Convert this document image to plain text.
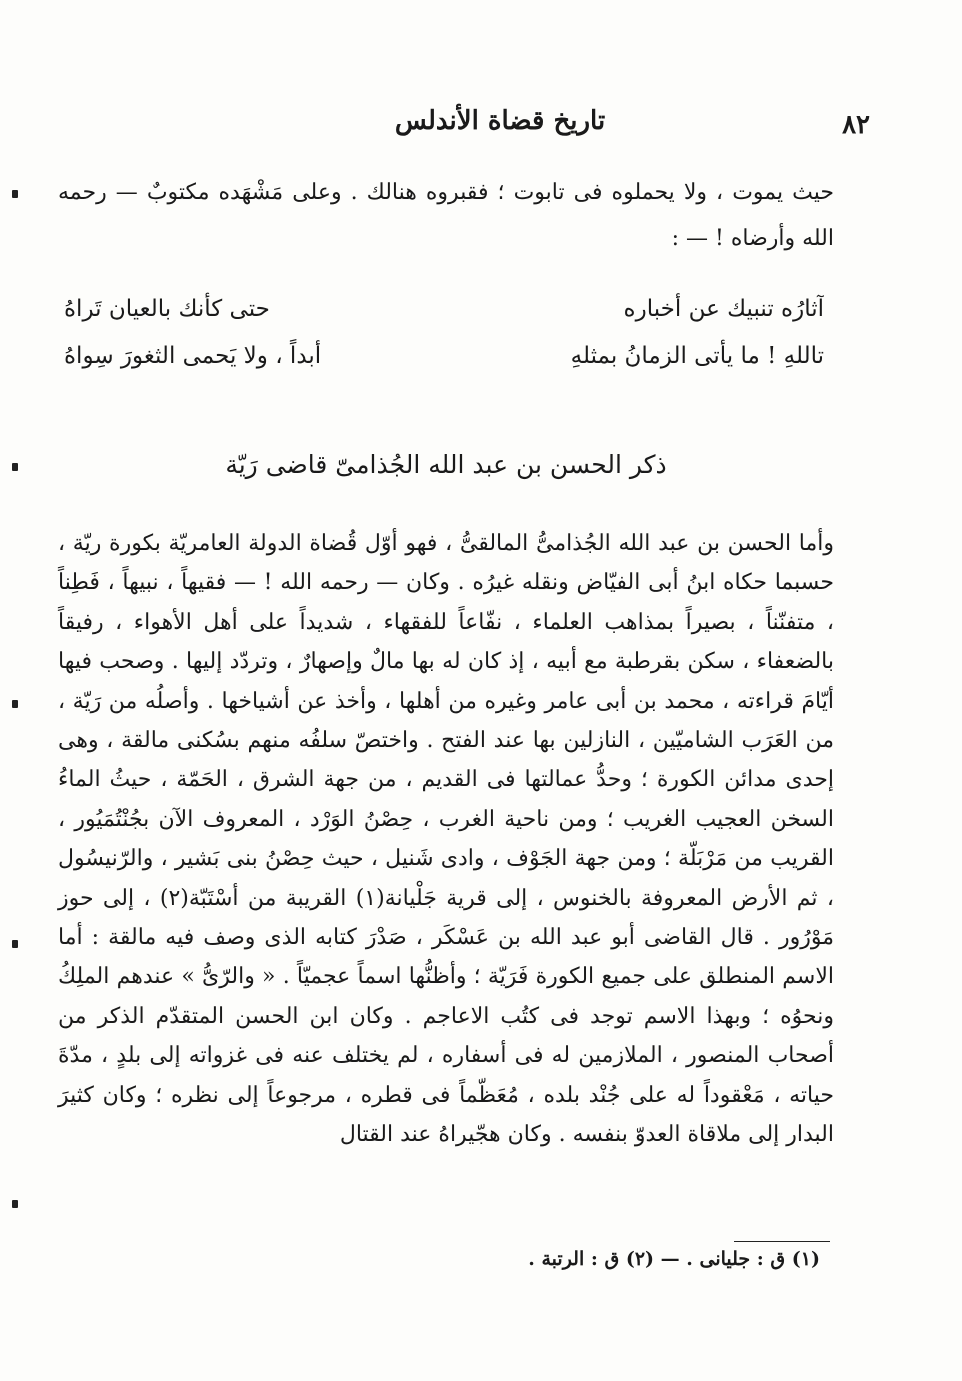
٨٢
تاريخ قضاة الأندلس

حيث يموت ، ولا يحملوه فى تابوت ؛ فقبروه هنالك . وعلى مَشْهَده مكتوبٌ — رحمه الله وأرضاه ! — :

آثارُه تنبيك عن أخباره
حتى كأنك بالعيان تَراهُ
تاللهِ ! ما يأتى الزمانُ بمثلهِ
أبداً ، ولا يَحمى الثغورَ سِواهُ
ذكر الحسن بن عبد الله الجُذامىّ قاضى رَيّة

وأما الحسن بن عبد الله الجُذامىُّ المالقىُّ ، فهو أوّل قُضاة الدولة العامريّة بكورة ريّة ، حسبما حكاه ابنُ أبى الفيّاض ونقله غيرُه . وكان — رحمه الله ! — فقيهاً ، نبيهاً ، فَطِناً ، متفنّناً ، بصيراً بمذاهب العلماء ، نفّاعاً للفقهاء ، شديداً على أهل الأهواء ، رفيقاً بالضعفاء ، سكن بقرطبة مع أبيه ، إذ كان له بها مالٌ وإصهارٌ ، وتردّد إليها . وصحب فيها أيّامَ قراءته ، محمد بن أبى عامر وغيره من أهلها ، وأخذ عن أشياخها . وأصلُه من رَيّة ، من العَرَب الشاميّين ، النازلين بها عند الفتح . واختصّ سلفُه منهم بسُكنى مالقة ، وهى إحدى مدائن الكورة ؛ وحدُّ عمالتها فى القديم ، من جهة الشرق ، الحَمّة ، حيثُ الماءُ السخن العجيب الغريب ؛ ومن ناحية الغرب ، حِصْنُ الوَرْد ، المعروف الآن بجُنْتُمَيُور ، القريب من مَرْبَلّة ؛ ومن جهة الجَوْف ، وادى شَنيل ، حيث حِصْنُ بنى بَشير ، والرّنيسُول ، ثم الأرض المعروفة بالخنوس ، إلى قرية جَلْيانة(١) القريبة من أسْتَبّة(٢) ، إلى حوز مَوْرُور . قال القاضى أبو عبد الله بن عَسْكَر ، صَدْرَ كتابه الذى وصف فيه مالقة : أما الاسم المنطلق على جميع الكورة فَرَيّة ؛ وأظنُّها اسماً عجميّاً . « والرّىُّ » عندهم الملِكُ ونحوُه ؛ وبهذا الاسم توجد فى كتُب الاعاجم . وكان ابن الحسن المتقدّم الذكر من أصحاب المنصور ، الملازمين له فى أسفاره ، لم يختلف عنه فى غزواته إلى بلدٍ ، مدّةَ حياته ، مَعْقوداً له على جُنْد بلده ، مُعَظّماً فى قطره ، مرجوعاً إلى نظره ؛ وكان كثيرَ البدار إلى ملاقاة العدوّ بنفسه . وكان هجّيراهُ عند القتال

(١) ق : جليانى . — (٢) ق : الرتبة .
